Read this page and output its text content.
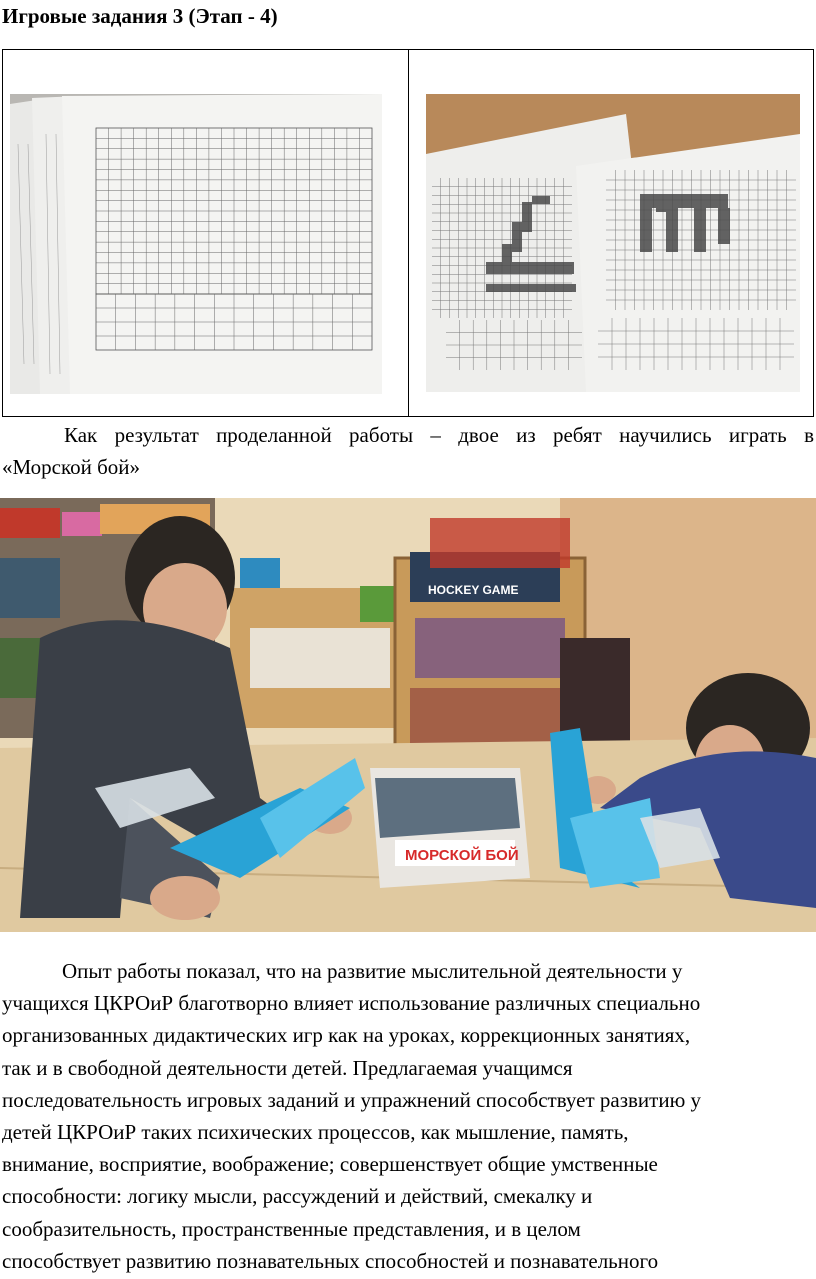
Игровые задания 3 (Этап - 4)
Как результат проделанной работы – двое из ребят научились играть в
«Морской бой»
HOCKEY GAME
МОРСКОЙ БОЙ
Опыт работы показал, что на развитие мыслительной деятельности у
учащихся ЦКРОиР благотворно влияет использование различных специально
организованных дидактических игр как на уроках, коррекционных занятиях,
так и в свободной деятельности детей. Предлагаемая учащимся
последовательность игровых заданий и упражнений способствует развитию у
детей ЦКРОиР таких психических процессов, как мышление, память,
внимание, восприятие, воображение; совершенствует общие умственные
способности: логику мысли, рассуждений и действий, смекалку и
сообразительность, пространственные представления, и в целом
способствует развитию познавательных способностей и познавательного
